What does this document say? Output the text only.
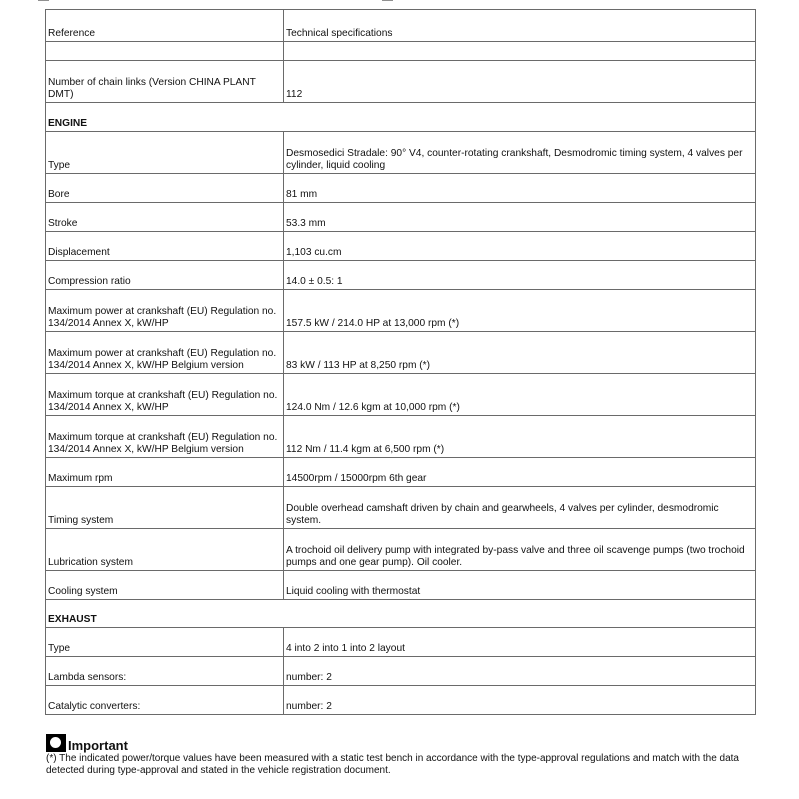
—	—
Reference	Technical specifications

Number of chain links (Version CHINA PLANT DMT)	112
ENGINE	
Type	Desmosedici Stradale: 90° V4, counter-rotating crankshaft, Desmodromic timing system, 4 valves per cylinder, liquid cooling
Bore	81 mm
Stroke	53.3 mm
Displacement	1,103 cu.cm
Compression ratio	14.0 ± 0.5: 1
Maximum power at crankshaft (EU) Regulation no. 134/2014 Annex X, kW/HP	157.5 kW / 214.0 HP at 13,000 rpm (*)
Maximum power at crankshaft (EU) Regulation no. 134/2014 Annex X, kW/HP Belgium version	83 kW / 113 HP at 8,250 rpm (*)
Maximum torque at crankshaft (EU) Regulation no. 134/2014 Annex X, kW/HP	124.0 Nm / 12.6 kgm at 10,000 rpm (*)
Maximum torque at crankshaft (EU) Regulation no. 134/2014 Annex X, kW/HP Belgium version	112 Nm / 11.4 kgm at 6,500 rpm (*)
Maximum rpm	14500rpm / 15000rpm 6th gear
Timing system	Double overhead camshaft driven by chain and gearwheels, 4 valves per cylinder, desmodromic system.
Lubrication system	A trochoid oil delivery pump with integrated by-pass valve and three oil scavenge pumps (two trochoid pumps and one gear pump). Oil cooler.
Cooling system	Liquid cooling with thermostat
EXHAUST	
Type	4 into 2 into 1 into 2 layout
Lambda sensors:	number: 2
Catalytic converters:	number: 2
Important
(*) The indicated power/torque values have been measured with a static test bench in accordance with the type-approval regulations and match with the data detected during type-approval and stated in the vehicle registration document.
